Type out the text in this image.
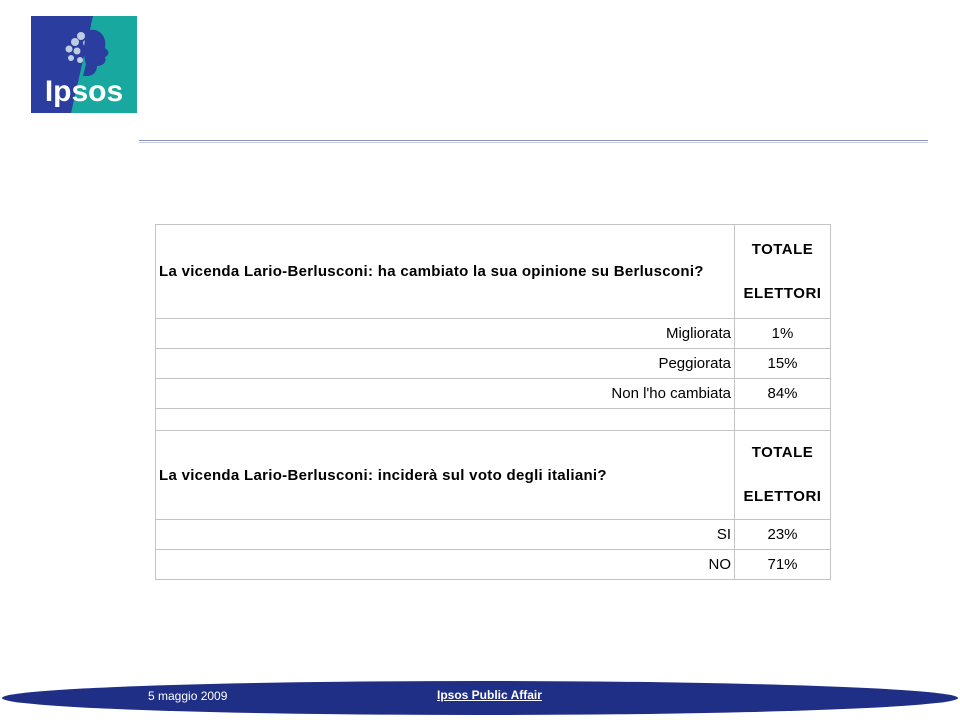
Ipsos
La vicenda Lario-Berlusconi: ha cambiato la sua opinione su Berlusconi?	TOTALE
ELETTORI
Migliorata	1%
Peggiorata	15%
Non l'ho cambiata	84%

La vicenda Lario-Berlusconi: inciderà sul voto degli italiani?	TOTALE
ELETTORI
SI	23%
NO	71%
5 maggio 2009	Ipsos Public Affair
